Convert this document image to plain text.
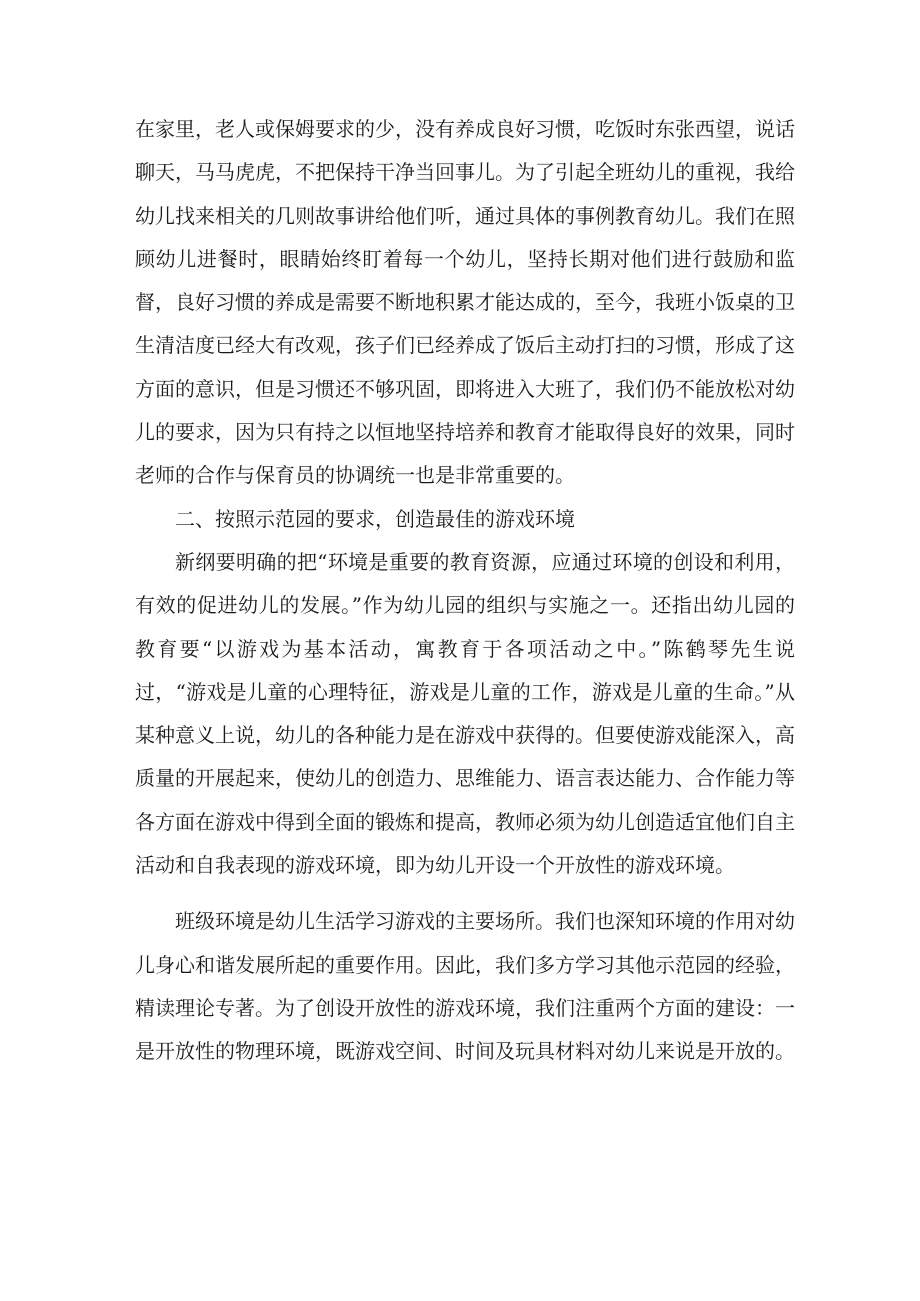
在家里，老人或保姆要求的少，没有养成良好习惯，吃饭时东张西望，说话聊天，马马虎虎，不把保持干净当回事儿。为了引起全班幼儿的重视，我给幼儿找来相关的几则故事讲给他们听，通过具体的事例教育幼儿。我们在照顾幼儿进餐时，眼睛始终盯着每一个幼儿，坚持长期对他们进行鼓励和监督，良好习惯的养成是需要不断地积累才能达成的，至今，我班小饭桌的卫生清洁度已经大有改观，孩子们已经养成了饭后主动打扫的习惯，形成了这方面的意识，但是习惯还不够巩固，即将进入大班了，我们仍不能放松对幼儿的要求，因为只有持之以恒地坚持培养和教育才能取得良好的效果，同时老师的合作与保育员的协调统一也是非常重要的。

二、按照示范园的要求，创造最佳的游戏环境

新纲要明确的把“环境是重要的教育资源，应通过环境的创设和利用，有效的促进幼儿的发展。”作为幼儿园的组织与实施之一。还指出幼儿园的教育要“以游戏为基本活动，寓教育于各项活动之中。”陈鹤琴先生说过，“游戏是儿童的心理特征，游戏是儿童的工作，游戏是儿童的生命。”从某种意义上说，幼儿的各种能力是在游戏中获得的。但要使游戏能深入，高质量的开展起来，使幼儿的创造力、思维能力、语言表达能力、合作能力等各方面在游戏中得到全面的锻炼和提高，教师必须为幼儿创造适宜他们自主活动和自我表现的游戏环境，即为幼儿开设一个开放性的游戏环境。

班级环境是幼儿生活学习游戏的主要场所。我们也深知环境的作用对幼儿身心和谐发展所起的重要作用。因此，我们多方学习其他示范园的经验，精读理论专著。为了创设开放性的游戏环境，我们注重两个方面的建设：一是开放性的物理环境，既游戏空间、时间及玩具材料对幼儿来说是开放的。
